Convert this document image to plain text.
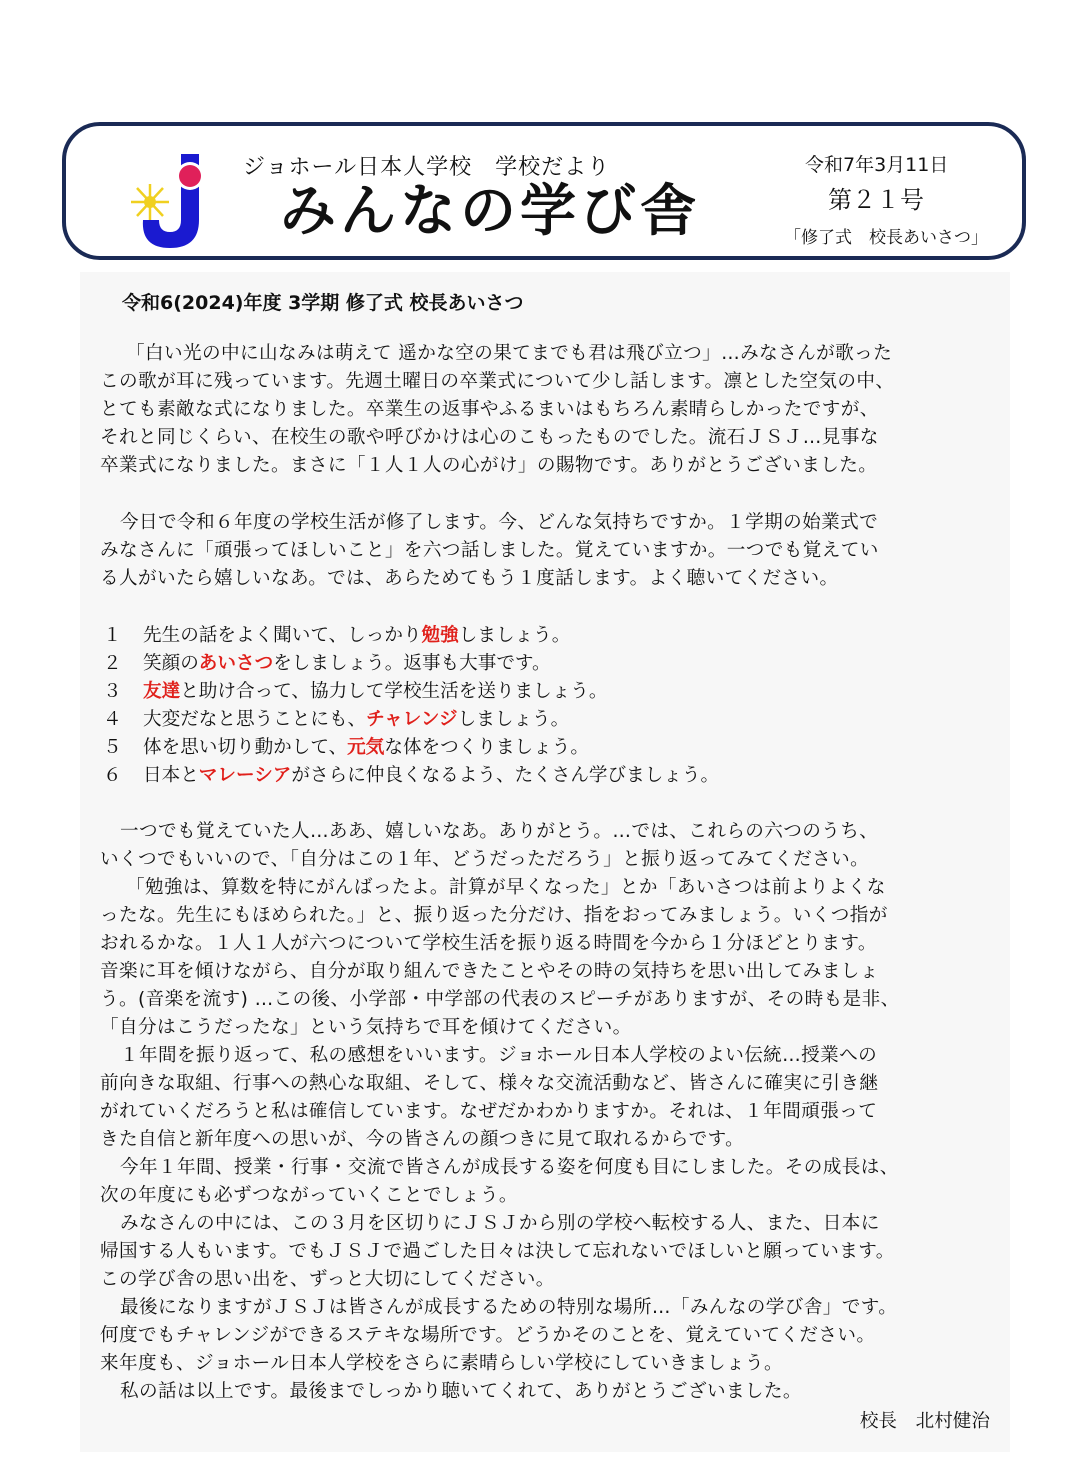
ジョホール日本人学校　学校だより
みんなの学び舎
令和7年3月11日
第２１号
「修了式　校長あいさつ」
令和6(2024)年度 3学期 修了式 校長あいさつ
「白い光の中に山なみは萌えて 遥かな空の果てまでも君は飛び立つ」…みなさんが歌った
この歌が耳に残っています。先週土曜日の卒業式について少し話します。凛とした空気の中、
とても素敵な式になりました。卒業生の返事やふるまいはもちろん素晴らしかったですが、
それと同じくらい、在校生の歌や呼びかけは心のこもったものでした。流石ＪＳＪ…見事な
卒業式になりました。まさに「１人１人の心がけ」の賜物です。ありがとうございました。
今日で令和６年度の学校生活が修了します。今、どんな気持ちですか。１学期の始業式で
みなさんに「頑張ってほしいこと」を六つ話しました。覚えていますか。一つでも覚えてい
る人がいたら嬉しいなあ。では、あらためてもう１度話します。よく聴いてください。
１ 先生の話をよく聞いて、しっかり勉強しましょう。
２ 笑顔のあいさつをしましょう。返事も大事です。
３ 友達と助け合って、協力して学校生活を送りましょう。
４ 大変だなと思うことにも、チャレンジしましょう。
５ 体を思い切り動かして、元気な体をつくりましょう。
６ 日本とマレーシアがさらに仲良くなるよう、たくさん学びましょう。
一つでも覚えていた人…ああ、嬉しいなあ。ありがとう。…では、これらの六つのうち、
いくつでもいいので、「自分はこの１年、どうだっただろう」と振り返ってみてください。
「勉強は、算数を特にがんばったよ。計算が早くなった」とか「あいさつは前よりよくな
ったな。先生にもほめられた。」と、振り返った分だけ、指をおってみましょう。いくつ指が
おれるかな。１人１人が六つについて学校生活を振り返る時間を今から１分ほどとります。
音楽に耳を傾けながら、自分が取り組んできたことやその時の気持ちを思い出してみましょ
う。(音楽を流す) …この後、小学部・中学部の代表のスピーチがありますが、その時も是非、
「自分はこうだったな」という気持ちで耳を傾けてください。
１年間を振り返って、私の感想をいいます。ジョホール日本人学校のよい伝統…授業への
前向きな取組、行事への熱心な取組、そして、様々な交流活動など、皆さんに確実に引き継
がれていくだろうと私は確信しています。なぜだかわかりますか。それは、１年間頑張って
きた自信と新年度への思いが、今の皆さんの顔つきに見て取れるからです。
今年１年間、授業・行事・交流で皆さんが成長する姿を何度も目にしました。その成長は、
次の年度にも必ずつながっていくことでしょう。
みなさんの中には、この３月を区切りにＪＳＪから別の学校へ転校する人、また、日本に
帰国する人もいます。でもＪＳＪで過ごした日々は決して忘れないでほしいと願っています。
この学び舎の思い出を、ずっと大切にしてください。
最後になりますがＪＳＪは皆さんが成長するための特別な場所…「みんなの学び舎」です。
何度でもチャレンジができるステキな場所です。どうかそのことを、覚えていてください。
来年度も、ジョホール日本人学校をさらに素晴らしい学校にしていきましょう。
私の話は以上です。最後までしっかり聴いてくれて、ありがとうございました。
校長　北村健治
